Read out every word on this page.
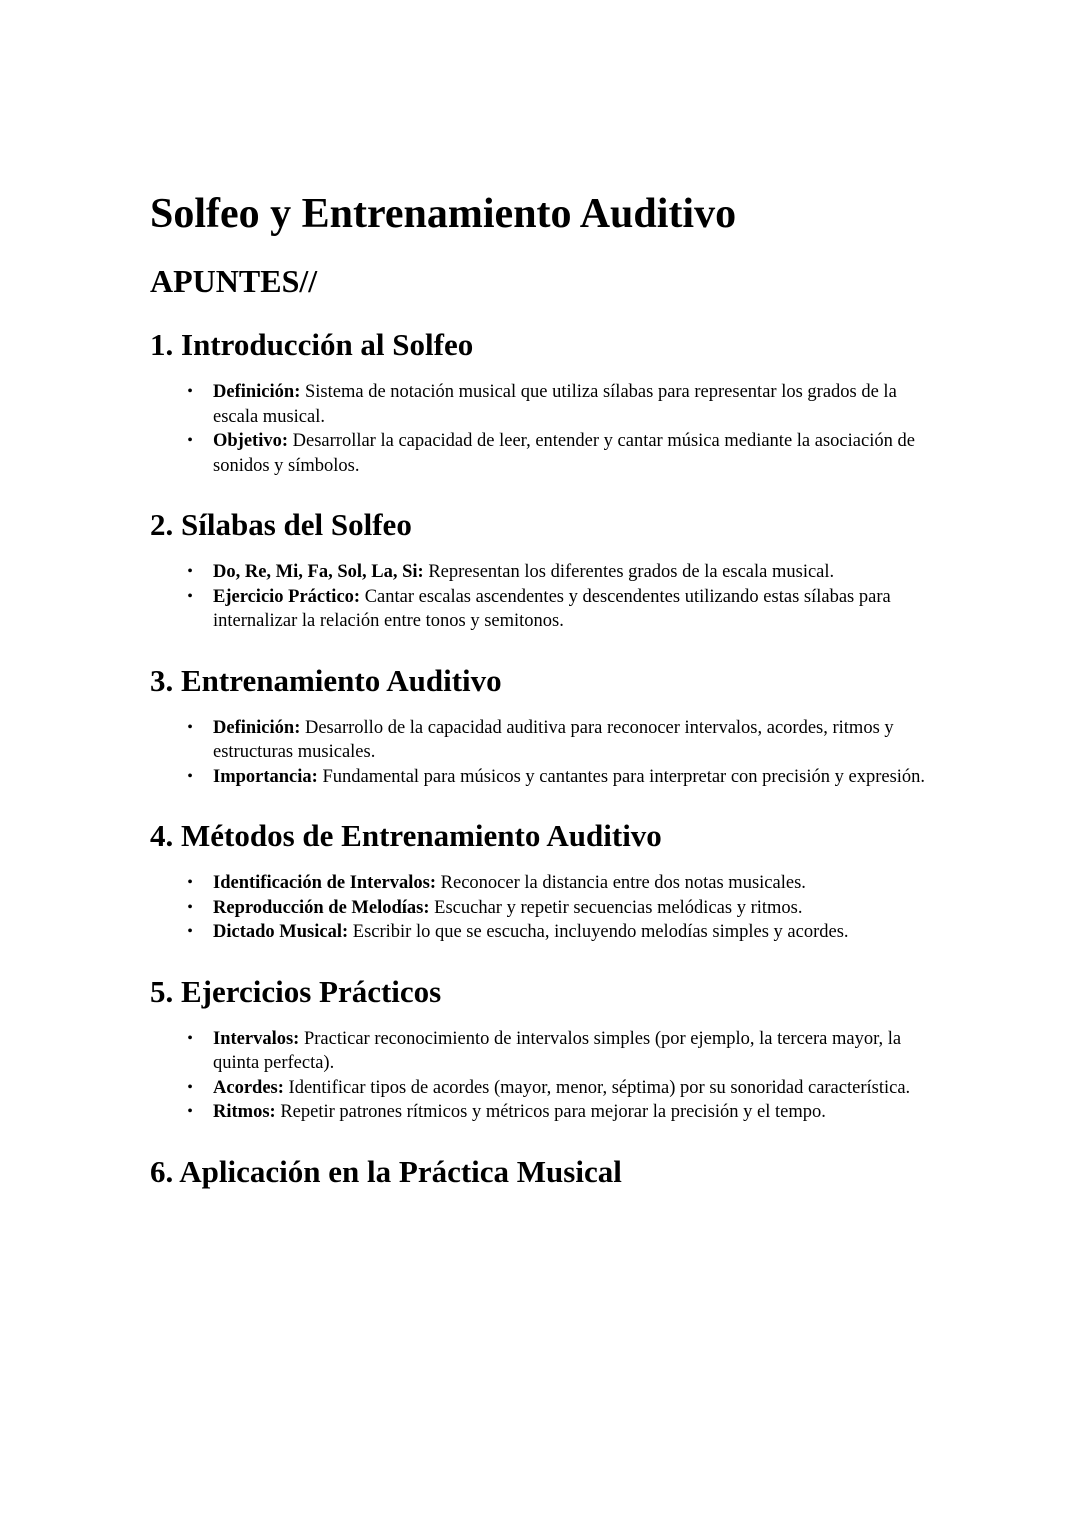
Solfeo y Entrenamiento Auditivo
APUNTES//
1. Introducción al Solfeo
•	Definición: Sistema de notación musical que utiliza sílabas para representar los grados de la escala musical.
•	Objetivo: Desarrollar la capacidad de leer, entender y cantar música mediante la asociación de sonidos y símbolos.
2. Sílabas del Solfeo
•	Do, Re, Mi, Fa, Sol, La, Si: Representan los diferentes grados de la escala musical.
•	Ejercicio Práctico: Cantar escalas ascendentes y descendentes utilizando estas sílabas para internalizar la relación entre tonos y semitonos.
3. Entrenamiento Auditivo
•	Definición: Desarrollo de la capacidad auditiva para reconocer intervalos, acordes, ritmos y estructuras musicales.
•	Importancia: Fundamental para músicos y cantantes para interpretar con precisión y expresión.
4. Métodos de Entrenamiento Auditivo
•	Identificación de Intervalos: Reconocer la distancia entre dos notas musicales.
•	Reproducción de Melodías: Escuchar y repetir secuencias melódicas y ritmos.
•	Dictado Musical: Escribir lo que se escucha, incluyendo melodías simples y acordes.
5. Ejercicios Prácticos
•	Intervalos: Practicar reconocimiento de intervalos simples (por ejemplo, la tercera mayor, la quinta perfecta).
•	Acordes: Identificar tipos de acordes (mayor, menor, séptima) por su sonoridad característica.
•	Ritmos: Repetir patrones rítmicos y métricos para mejorar la precisión y el tempo.
6. Aplicación en la Práctica Musical
